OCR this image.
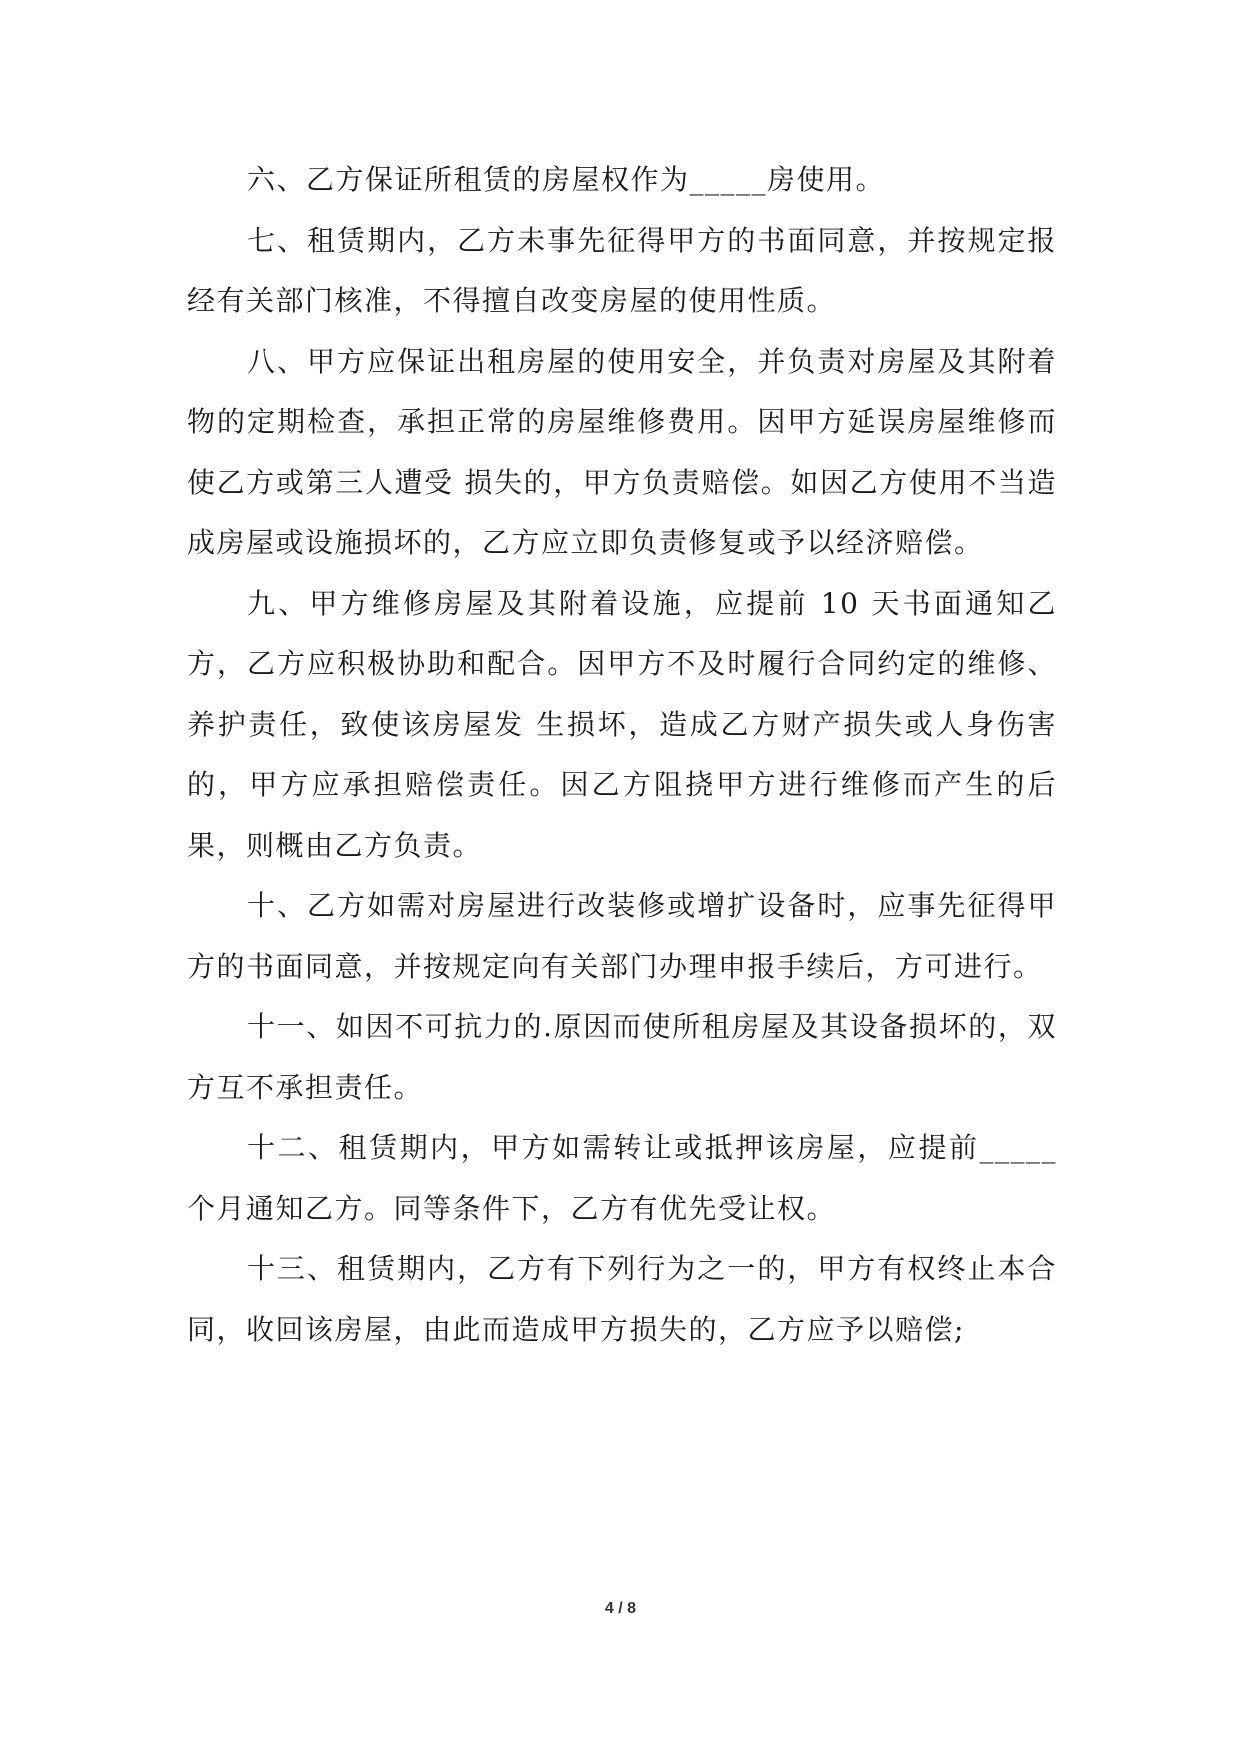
六、乙方保证所租赁的房屋权作为_____房使用。

七、租赁期内，乙方未事先征得甲方的书面同意，并按规定报经有关部门核准，不得擅自改变房屋的使用性质。

八、甲方应保证出租房屋的使用安全，并负责对房屋及其附着物的定期检查，承担正常的房屋维修费用。因甲方延误房屋维修而使乙方或第三人遭受 损失的，甲方负责赔偿。如因乙方使用不当造成房屋或设施损坏的，乙方应立即负责修复或予以经济赔偿。

九、甲方维修房屋及其附着设施，应提前 10 天书面通知乙方，乙方应积极协助和配合。因甲方不及时履行合同约定的维修、养护责任，致使该房屋发 生损坏，造成乙方财产损失或人身伤害的，甲方应承担赔偿责任。因乙方阻挠甲方进行维修而产生的后果，则概由乙方负责。

十、乙方如需对房屋进行改装修或增扩设备时，应事先征得甲方的书面同意，并按规定向有关部门办理申报手续后，方可进行。

十一、如因不可抗力的.原因而使所租房屋及其设备损坏的，双方互不承担责任。

十二、租赁期内，甲方如需转让或抵押该房屋，应提前_____个月通知乙方。同等条件下，乙方有优先受让权。

十三、租赁期内，乙方有下列行为之一的，甲方有权终止本合同，收回该房屋，由此而造成甲方损失的，乙方应予以赔偿;

4 / 8
